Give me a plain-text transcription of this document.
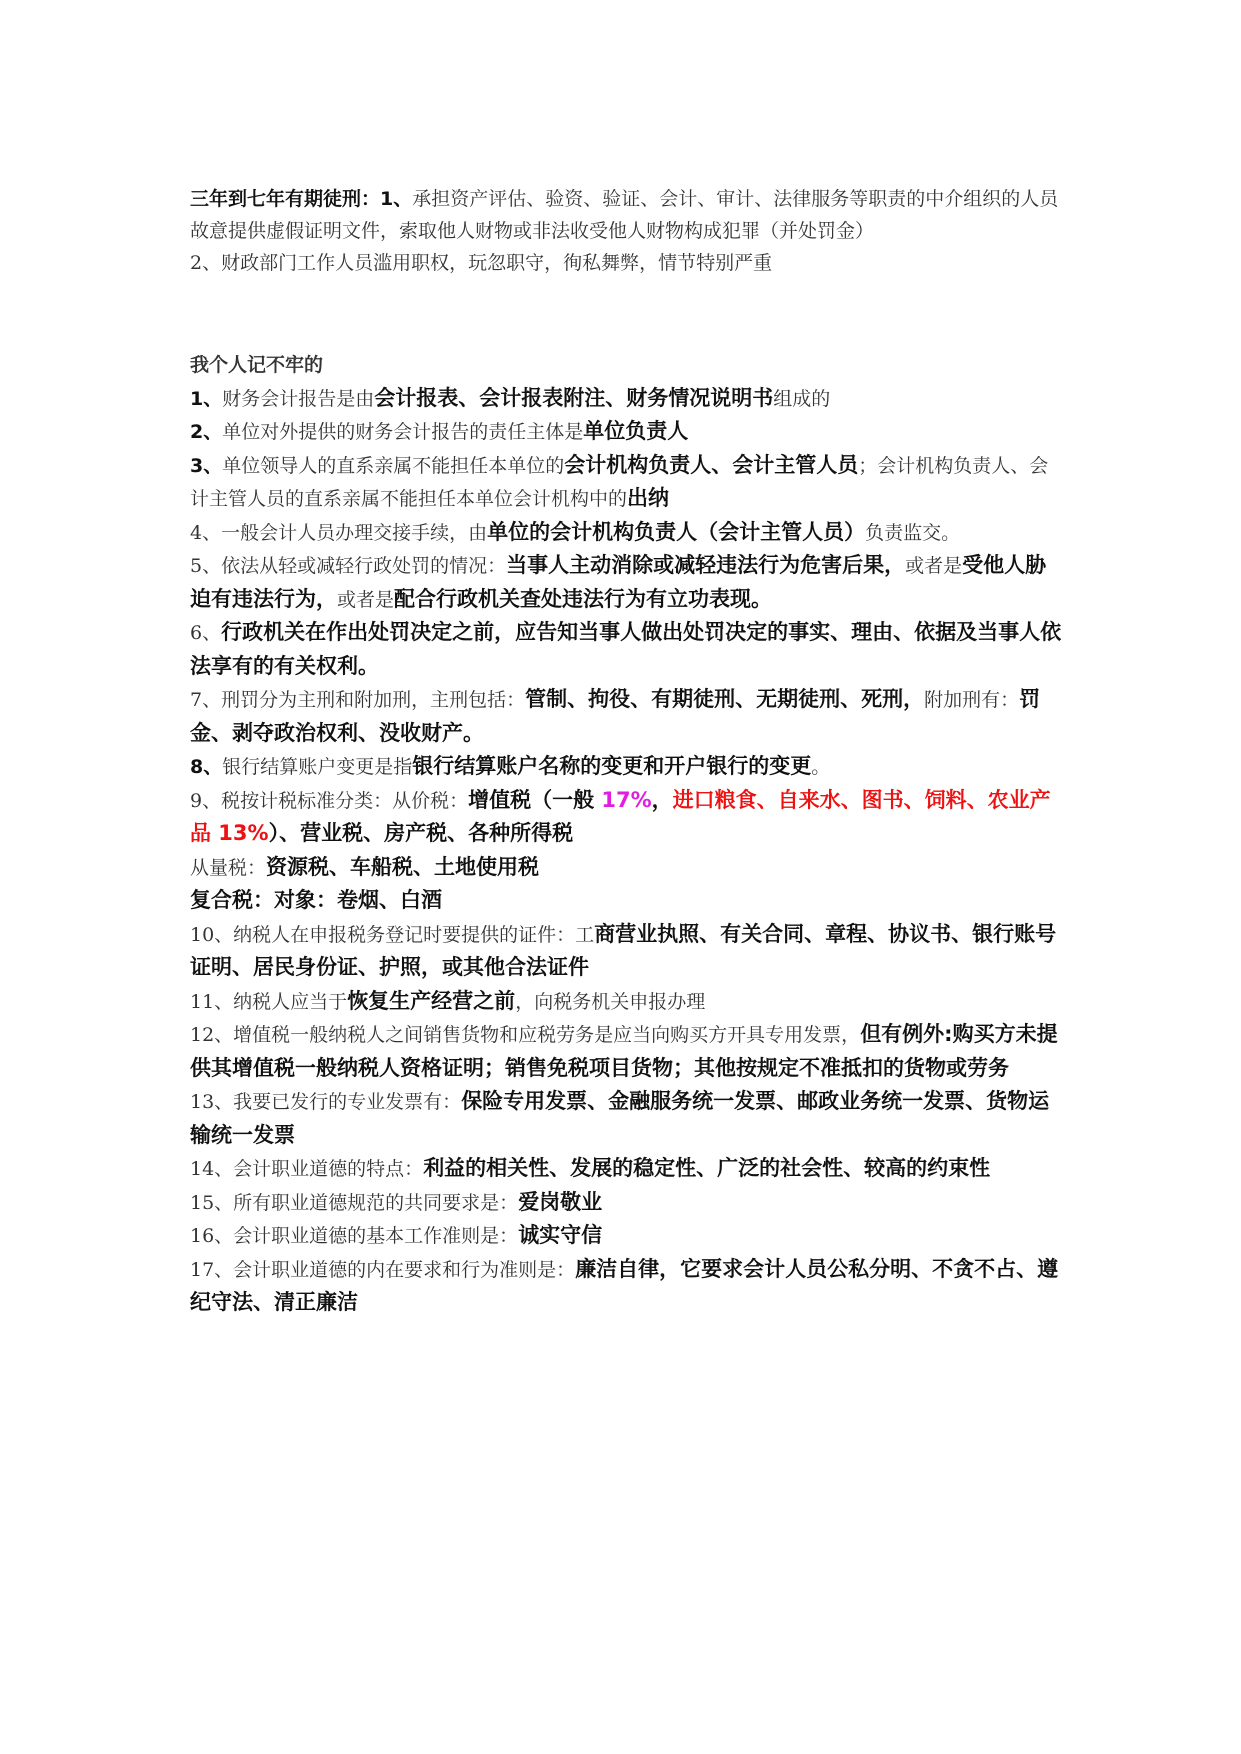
三年到七年有期徒刑：1、承担资产评估、验资、验证、会计、审计、法律服务等职责的中介组织的人员故意提供虚假证明文件，索取他人财物或非法收受他人财物构成犯罪（并处罚金）

2、财政部门工作人员滥用职权，玩忽职守，徇私舞弊，情节特别严重

我个人记不牢的

1、财务会计报告是由会计报表、会计报表附注、财务情况说明书组成的

2、单位对外提供的财务会计报告的责任主体是单位负责人

3、单位领导人的直系亲属不能担任本单位的会计机构负责人、会计主管人员；会计机构负责人、会计主管人员的直系亲属不能担任本单位会计机构中的出纳

4、一般会计人员办理交接手续，由单位的会计机构负责人（会计主管人员）负责监交。

5、依法从轻或减轻行政处罚的情况：当事人主动消除或减轻违法行为危害后果，或者是受他人胁迫有违法行为，或者是配合行政机关查处违法行为有立功表现。

6、行政机关在作出处罚决定之前，应告知当事人做出处罚决定的事实、理由、依据及当事人依法享有的有关权利。

7、刑罚分为主刑和附加刑，主刑包括：管制、拘役、有期徒刑、无期徒刑、死刑，附加刑有：罚金、剥夺政治权利、没收财产。

8、银行结算账户变更是指银行结算账户名称的变更和开户银行的变更。

9、税按计税标准分类：从价税：增值税（一般 17%，进口粮食、自来水、图书、饲料、农业产品 13%）、营业税、房产税、各种所得税

从量税：资源税、车船税、土地使用税

复合税：对象：卷烟、白酒

10、纳税人在申报税务登记时要提供的证件：工商营业执照、有关合同、章程、协议书、银行账号证明、居民身份证、护照，或其他合法证件

11、纳税人应当于恢复生产经营之前，向税务机关申报办理

12、增值税一般纳税人之间销售货物和应税劳务是应当向购买方开具专用发票，但有例外:购买方未提供其增值税一般纳税人资格证明；销售免税项目货物；其他按规定不准抵扣的货物或劳务

13、我要已发行的专业发票有：保险专用发票、金融服务统一发票、邮政业务统一发票、货物运输统一发票

14、会计职业道德的特点：利益的相关性、发展的稳定性、广泛的社会性、较高的约束性

15、所有职业道德规范的共同要求是：爱岗敬业

16、会计职业道德的基本工作准则是：诚实守信

17、会计职业道德的内在要求和行为准则是：廉洁自律，它要求会计人员公私分明、不贪不占、遵纪守法、清正廉洁
